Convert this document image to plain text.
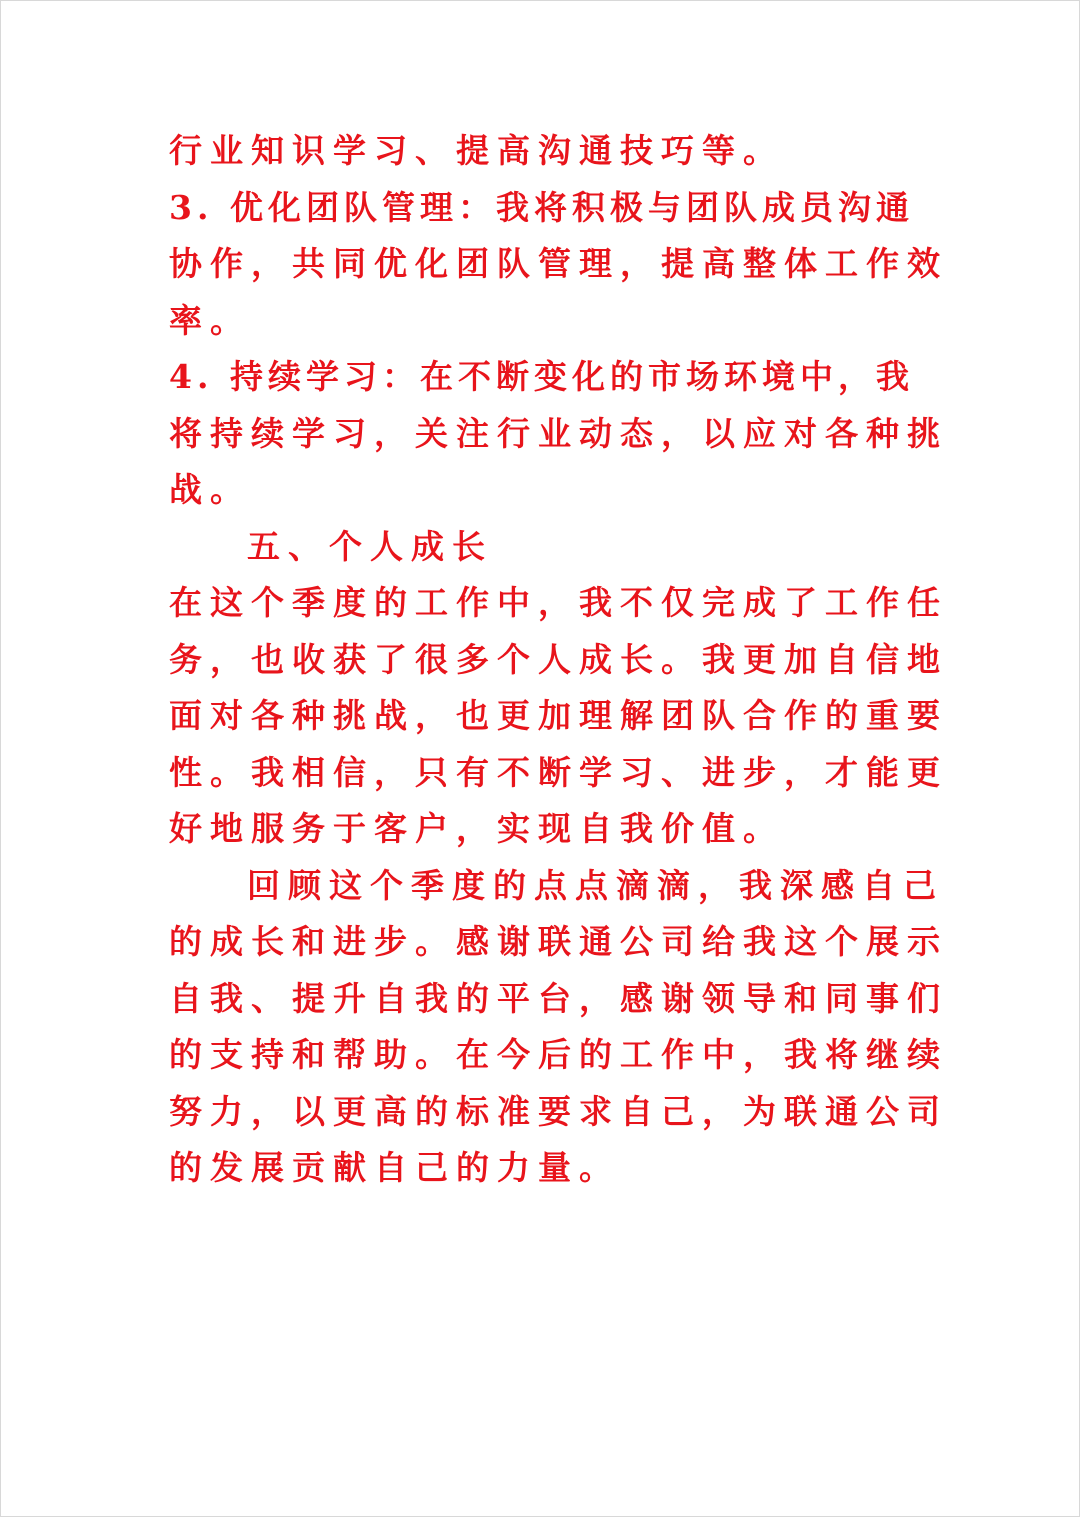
行业知识学习、提高沟通技巧等。

3. 优化团队管理：我将积极与团队成员沟通

协作，共同优化团队管理，提高整体工作效

率。

4. 持续学习：在不断变化的市场环境中，我

将持续学习，关注行业动态，以应对各种挑

战。

五、个人成长

在这个季度的工作中，我不仅完成了工作任

务，也收获了很多个人成长。我更加自信地

面对各种挑战，也更加理解团队合作的重要

性。我相信，只有不断学习、进步，才能更

好地服务于客户，实现自我价值。

回顾这个季度的点点滴滴，我深感自己

的成长和进步。感谢联通公司给我这个展示

自我、提升自我的平台，感谢领导和同事们

的支持和帮助。在今后的工作中，我将继续

努力，以更高的标准要求自己，为联通公司

的发展贡献自己的力量。
